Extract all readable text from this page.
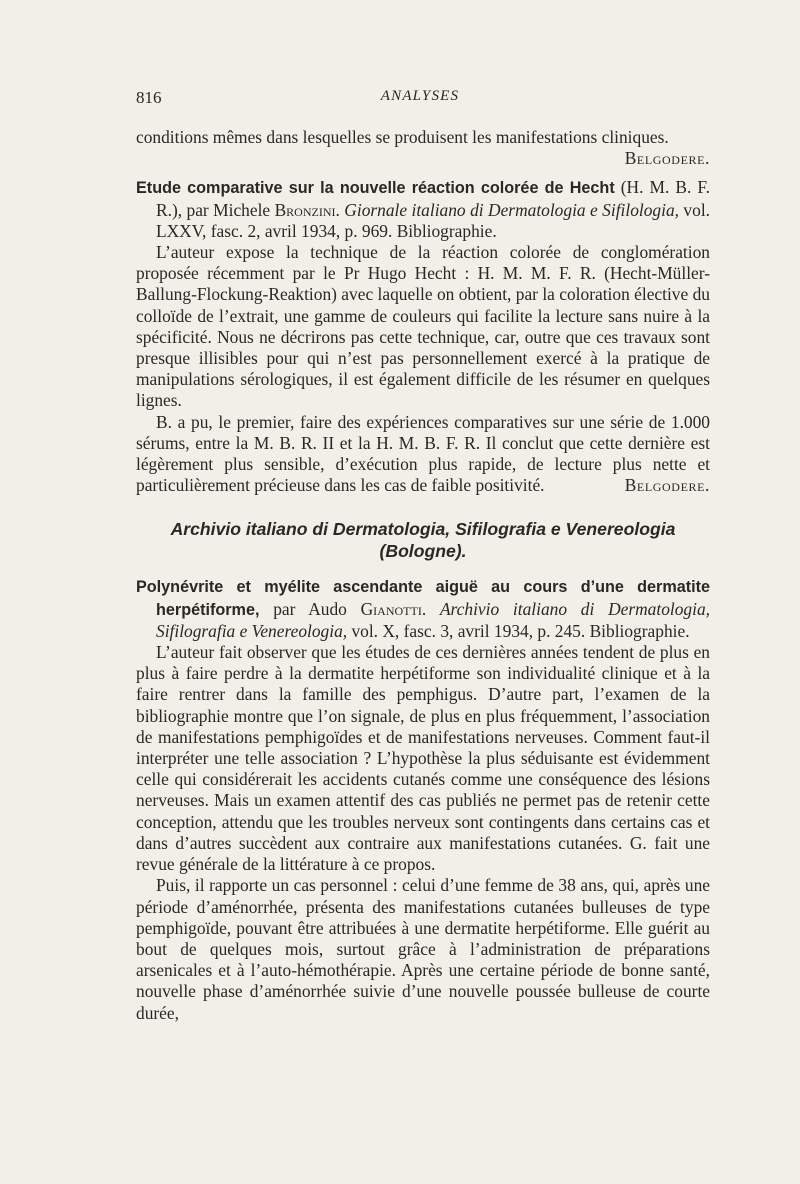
816	ANALYSES

conditions mêmes dans lesquelles se produisent les manifestations cliniques.
Belgodere.

Etude comparative sur la nouvelle réaction colorée de Hecht (H. M. B. F. R.), par Michele Bronzini. Giornale italiano di Dermatologia e Sifilologia, vol. LXXV, fasc. 2, avril 1934, p. 969. Bibliographie.

L’auteur expose la technique de la réaction colorée de conglomération proposée récemment par le Pr Hugo Hecht : H. M. M. F. R. (Hecht-Müller-Ballung-Flockung-Reaktion) avec laquelle on obtient, par la coloration élective du colloïde de l’extrait, une gamme de couleurs qui facilite la lecture sans nuire à la spécificité. Nous ne décrirons pas cette technique, car, outre que ces travaux sont presque illisibles pour qui n’est pas personnellement exercé à la pratique de manipulations sérologiques, il est également difficile de les résumer en quelques lignes.

B. a pu, le premier, faire des expériences comparatives sur une série de 1.000 sérums, entre la M. B. R. II et la H. M. B. F. R. Il conclut que cette dernière est légèrement plus sensible, d’exécution plus rapide, de lecture plus nette et particulièrement précieuse dans les cas de faible positivité.	Belgodere.

Archivio italiano di Dermatologia, Sifilografia e Venereologia
(Bologne).

Polynévrite et myélite ascendante aiguë au cours d’une dermatite herpétiforme, par Audo Gianotti. Archivio italiano di Dermatologia, Sifilografia e Venereologia, vol. X, fasc. 3, avril 1934, p. 245. Bibliographie.

L’auteur fait observer que les études de ces dernières années tendent de plus en plus à faire perdre à la dermatite herpétiforme son individualité clinique et à la faire rentrer dans la famille des pemphigus. D’autre part, l’examen de la bibliographie montre que l’on signale, de plus en plus fréquemment, l’association de manifestations pemphigoïdes et de manifestations nerveuses. Comment faut-il interpréter une telle association ? L’hypothèse la plus séduisante est évidemment celle qui considérerait les accidents cutanés comme une conséquence des lésions nerveuses. Mais un examen attentif des cas publiés ne permet pas de retenir cette conception, attendu que les troubles nerveux sont contingents dans certains cas et dans d’autres succèdent aux contraire aux manifestations cutanées. G. fait une revue générale de la littérature à ce propos.

Puis, il rapporte un cas personnel : celui d’une femme de 38 ans, qui, après une période d’aménorrhée, présenta des manifestations cutanées bulleuses de type pemphigoïde, pouvant être attribuées à une dermatite herpétiforme. Elle guérit au bout de quelques mois, surtout grâce à l’administration de préparations arsenicales et à l’auto-hémothérapie. Après une certaine période de bonne santé, nouvelle phase d’aménorrhée suivie d’une nouvelle poussée bulleuse de courte durée,
